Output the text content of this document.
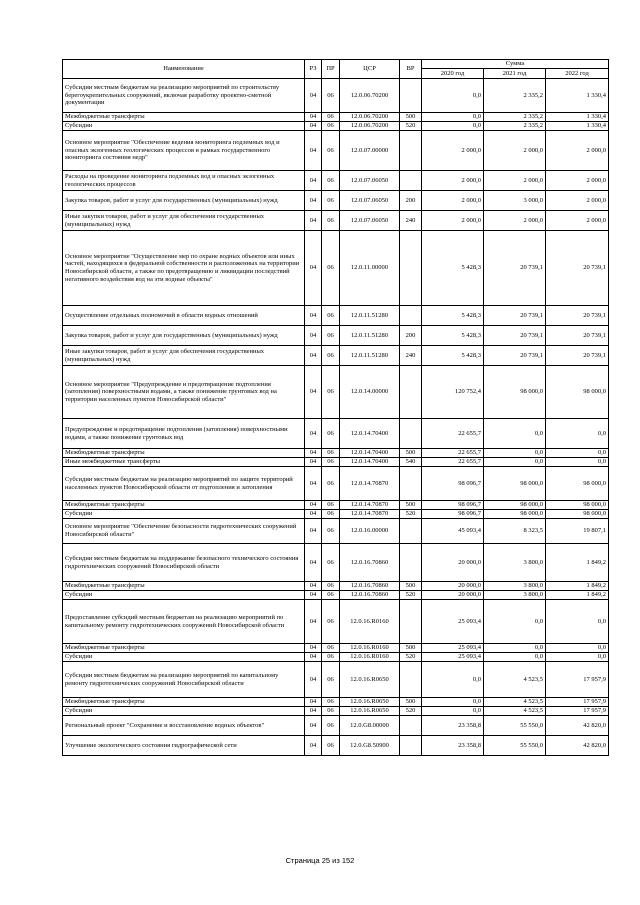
Наименование	РЗ	ПР	ЦСР	ВР	Сумма		
					2020 год	2021 год	2022 год
Субсидии местным бюджетам на реализацию мероприятий по строительству берегоукрепительных сооружений, включая разработку проектно-сметной документации	04	06	12.0.06.70200		0,0	2 335,2	1 330,4
Межбюджетные трансферты	04	06	12.0.06.70200	500	0,0	2 335,2	1 330,4
Субсидии	04	06	12.0.06.70200	520	0,0	2 335,2	1 330,4
Основное мероприятие "Обеспечение ведения мониторинга подземных вод и опасных экзогенных геологических процессов в рамках государственного мониторинга состояния недр"	04	06	12.0.07.00000		2 000,0	2 000,0	2 000,0
Расходы на проведение мониторинга подземных вод и опасных экзогенных геологических процессов	04	06	12.0.07.06050		2 000,0	2 000,0	2 000,0
Закупка товаров, работ и услуг для государственных (муниципальных) нужд	04	06	12.0.07.06050	200	2 000,0	3 000,0	2 000,0
Иные закупки товаров, работ и услуг для обеспечения государственных (муниципальных) нужд	04	06	12.0.07.06050	240	2 000,0	2 000,0	2 000,0
Основное мероприятие "Осуществление мер по охране водных объектов или иных частей, находящихся в федеральной собственности и расположенных на территории Новосибирской области, а также по предотвращению и ликвидации последствий негативного воздействия вод на эти водные объекты"	04	06	12.0.11.00000		5 428,3	20 739,1	20 739,1
Осуществление отдельных полномочий в области водных отношений	04	06	12.0.11.51280		5 428,3	20 739,1	20 739,1
Закупка товаров, работ и услуг для государственных (муниципальных) нужд	04	06	12.0.11.51280	200	5 428,3	20 739,1	20 739,1
Иные закупки товаров, работ и услуг для обеспечения государственных (муниципальных) нужд	04	06	12.0.11.51280	240	5 428,3	20 739,1	20 739,1
Основное мероприятие "Предупреждение и предотвращение подтопления (затопления) поверхностными водами, а также понижение грунтовых вод на территории населенных пунктов Новосибирской области"	04	06	12.0.14.00000		120 752,4	98 000,0	98 000,0
Предупреждение и предотвращение подтопления (затопления) поверхностными водами, а также понижение грунтовых вод	04	06	12.0.14.70400		22 655,7	0,0	0,0
Межбюджетные трансферты	04	06	12.0.14.70400	500	22 655,7	0,0	0,0
Иные межбюджетные трансферты	04	06	12.0.14.70400	540	22 655,7	0,0	0,0
Субсидии местным бюджетам на реализацию мероприятий по защите территорий населенных пунктов Новосибирской области от подтопления и затопления	04	06	12.0.14.70870		98 096,7	98 000,0	98 000,0
Межбюджетные трансферты	04	06	12.0.14.70870	500	98 096,7	98 000,0	98 000,0
Субсидии	04	06	12.0.14.70870	520	98 096,7	98 000,0	98 000,0
Основное мероприятие "Обеспечение безопасности гидротехнических сооружений Новосибирской области"	04	06	12.0.16.00000		45 093,4	8 323,5	19 807,1
Субсидии местным бюджетам на поддержание безопасного технического состояния гидротехнических сооружений Новосибирской области	04	06	12.0.16.70860		20 000,0	3 800,0	1 849,2
Межбюджетные трансферты	04	06	12.0.16.70860	500	20 000,0	3 800,0	1 849,2
Субсидии	04	06	12.0.16.70860	520	20 000,0	3 800,0	1 849,2
Предоставление субсидий местным бюджетам на реализацию мероприятий по капитальному ремонту гидротехнических сооружений Новосибирской области	04	06	12.0.16.R0160		25 093,4	0,0	0,0
Межбюджетные трансферты	04	06	12.0.16.R0160	500	25 093,4	0,0	0,0
Субсидии	04	06	12.0.16.R0160	520	25 093,4	0,0	0,0
Субсидии местным бюджетам на реализацию мероприятий по капитальному ремонту гидротехнических сооружений Новосибирской области	04	06	12.0.16.R0650		0,0	4 523,5	17 957,9
Межбюджетные трансферты	04	06	12.0.16.R0650	500	0,0	4 523,5	17 957,9
Субсидии	04	06	12.0.16.R0650	520	0,0	4 523,5	17 957,9
Региональный проект "Сохранение и восстановление водных объектов"	04	06	12.0.G8.00000		23 358,8	55 550,0	42 820,0
Улучшение экологического состояния гидрографической сети	04	06	12.0.G8.50900		23 358,8	55 550,0	42 820,0
Страница 25 из 152
